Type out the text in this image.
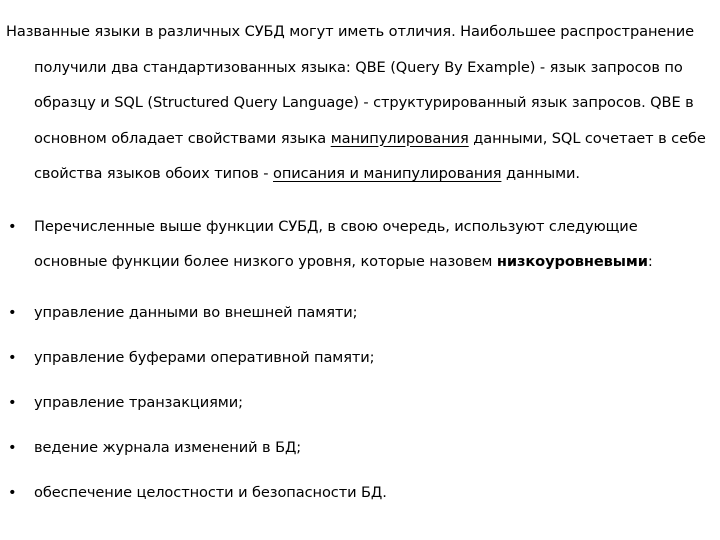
Названные языки в различных СУБД могут иметь отличия. Наибольшее распространение получили два стандартизованных языка: QBE (Query By Example) - язык запросов по образцу и SQL (Structured Query Language) - структурированный язык запросов. QBE в основном обладает свойствами языка манипулирования данными, SQL сочетает в себе свойства языков обоих типов - описания и манипулирования данными.
• Перечисленные выше функции СУБД, в свою очередь, используют следующие основные функции более низкого уровня, которые назовем низкоуровневыми:
• управление данными во внешней памяти;
• управление буферами оперативной памяти;
• управление транзакциями;
• ведение журнала изменений в БД;
• обеспечение целостности и безопасности БД.
